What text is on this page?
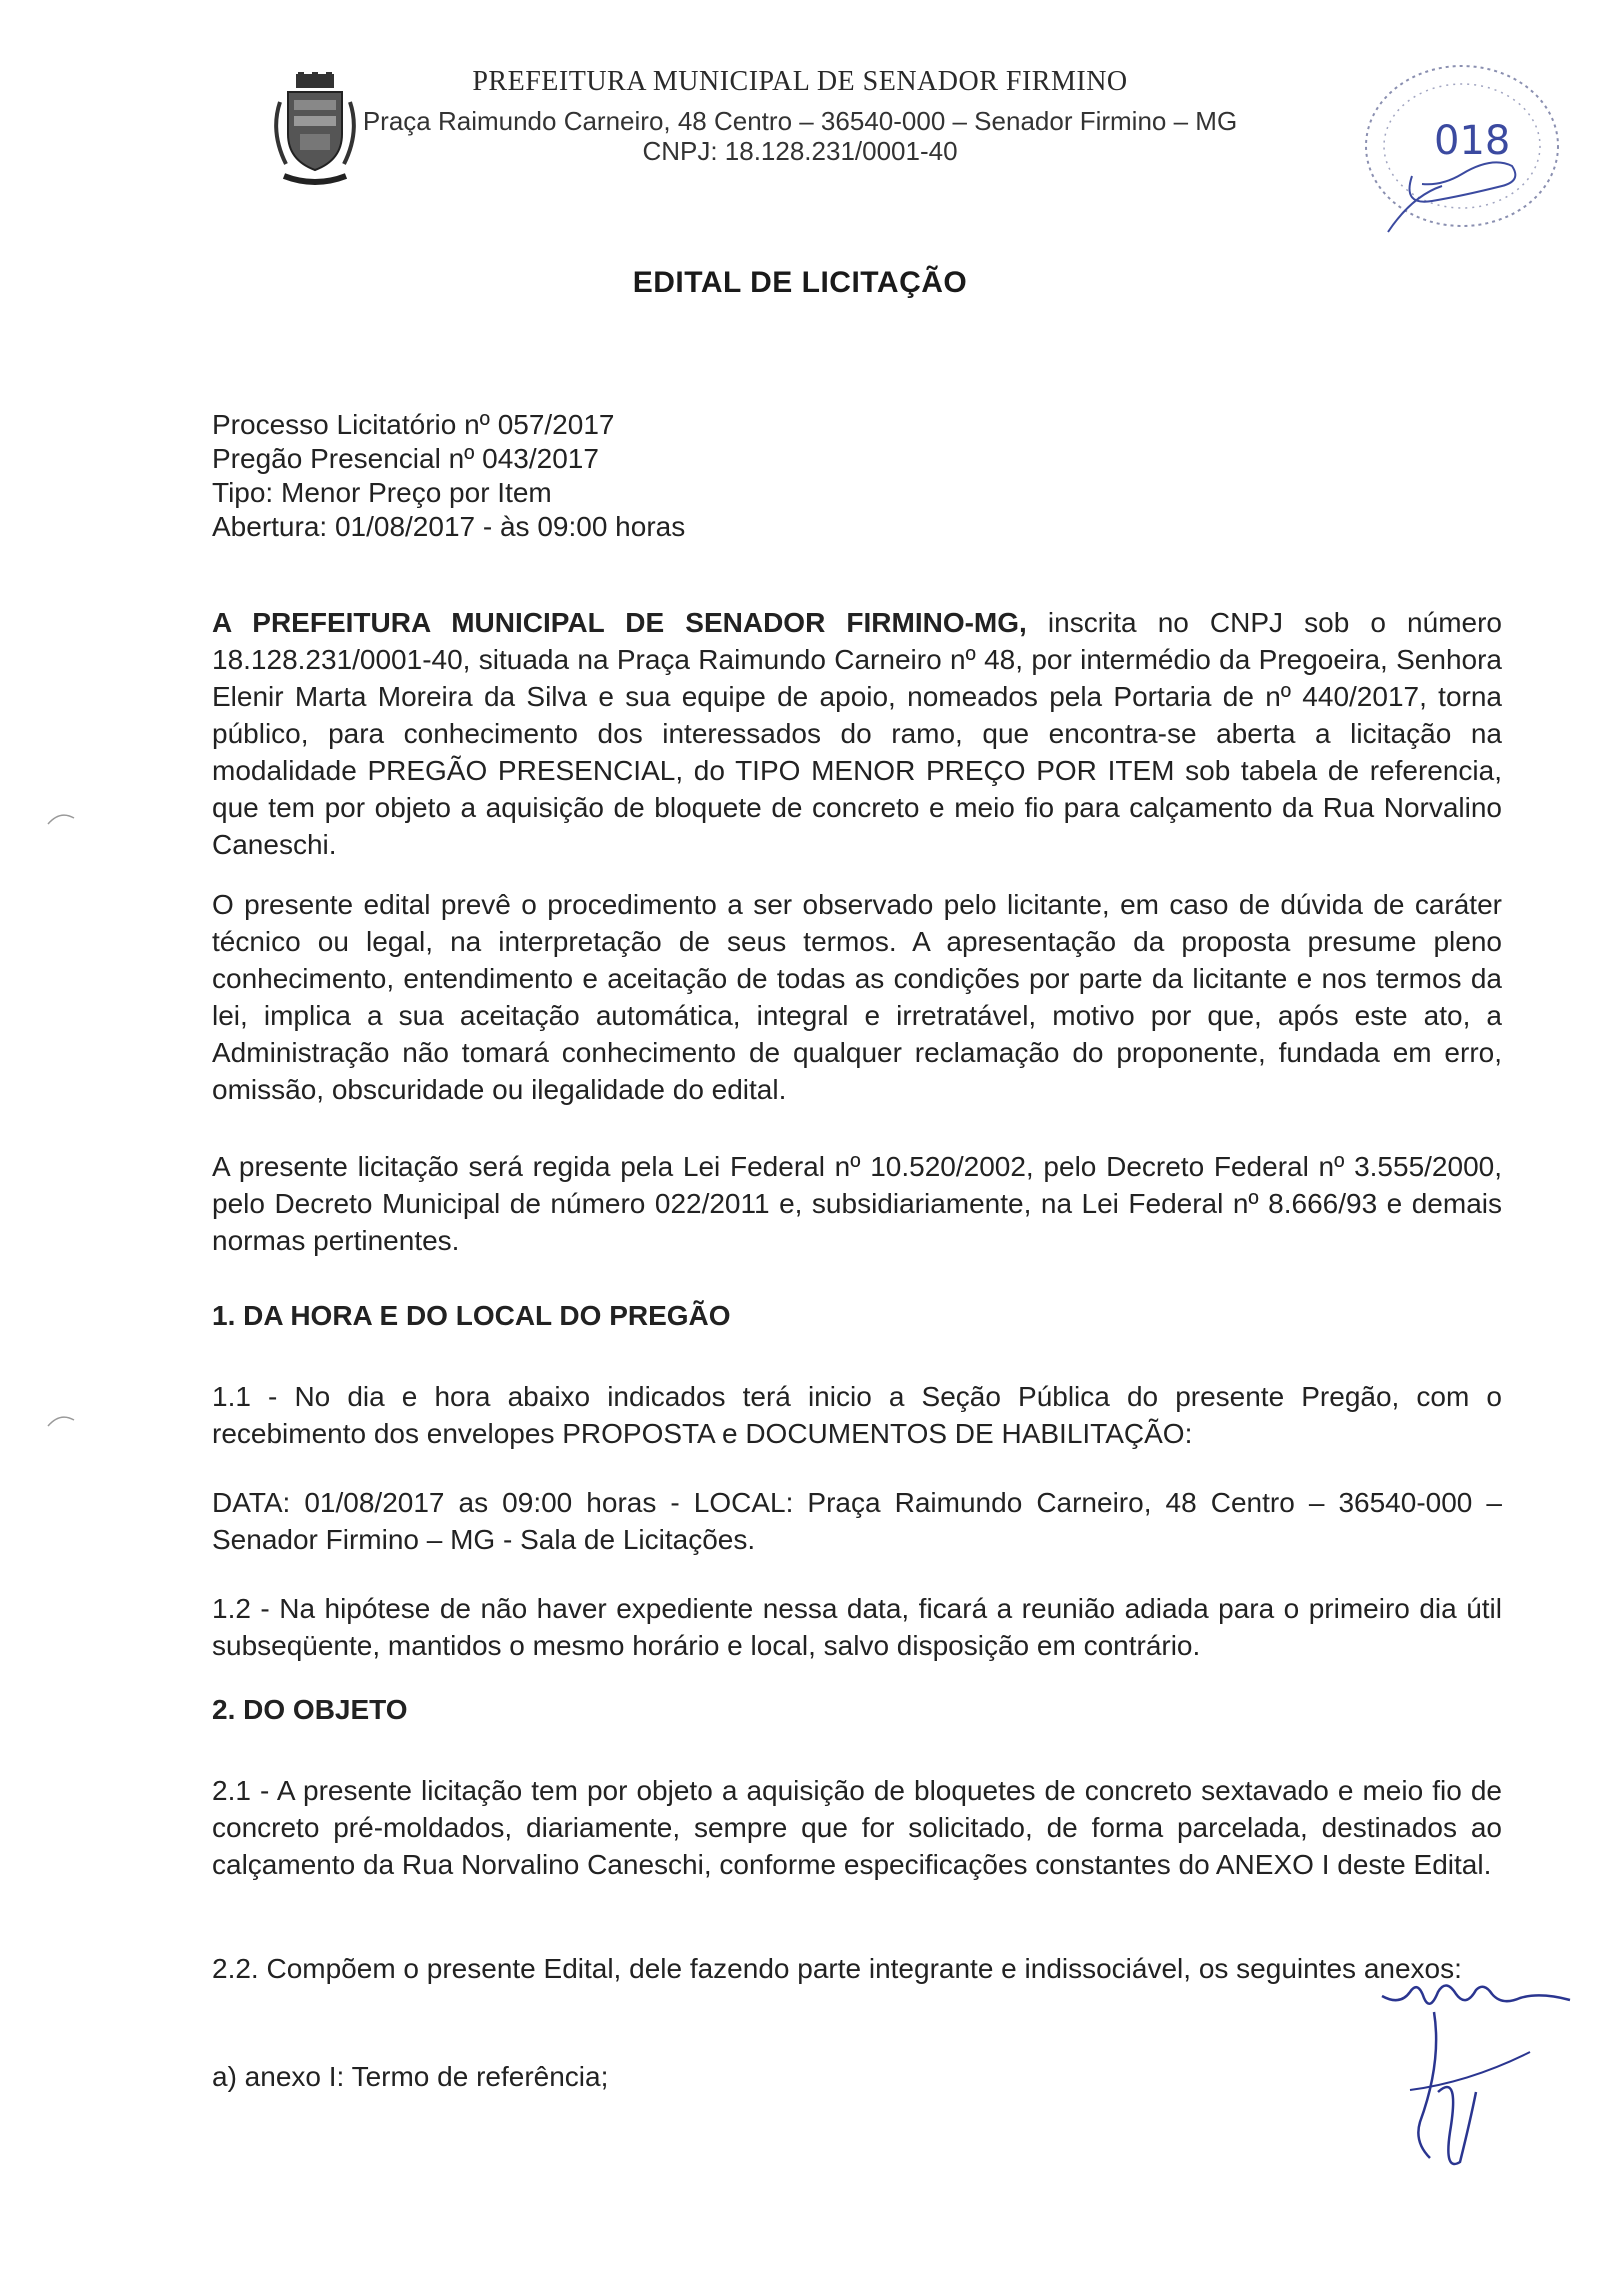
PREFEITURA MUNICIPAL DE SENADOR FIRMINO
Praça Raimundo Carneiro, 48 Centro – 36540-000 – Senador Firmino – MG
CNPJ: 18.128.231/0001-40	018
EDITAL DE LICITAÇÃO
Processo Licitatório nº 057/2017
Pregão Presencial nº 043/2017
Tipo: Menor Preço por Item
Abertura: 01/08/2017 - às 09:00 horas
A PREFEITURA MUNICIPAL DE SENADOR FIRMINO-MG, inscrita no CNPJ sob o número 18.128.231/0001-40, situada na Praça Raimundo Carneiro nº 48, por intermédio da Pregoeira, Senhora Elenir Marta Moreira da Silva e sua equipe de apoio, nomeados pela Portaria de nº 440/2017, torna público, para conhecimento dos interessados do ramo, que encontra-se aberta a licitação na modalidade PREGÃO PRESENCIAL, do TIPO MENOR PREÇO POR ITEM sob tabela de referencia, que tem por objeto a aquisição de bloquete de concreto e meio fio para calçamento da Rua Norvalino Caneschi.
O presente edital prevê o procedimento a ser observado pelo licitante, em caso de dúvida de caráter técnico ou legal, na interpretação de seus termos. A apresentação da proposta presume pleno conhecimento, entendimento e aceitação de todas as condições por parte da licitante e nos termos da lei, implica a sua aceitação automática, integral e irretratável, motivo por que, após este ato, a Administração não tomará conhecimento de qualquer reclamação do proponente, fundada em erro, omissão, obscuridade ou ilegalidade do edital.
A presente licitação será regida pela Lei Federal nº 10.520/2002, pelo Decreto Federal nº 3.555/2000, pelo Decreto Municipal de número 022/2011 e, subsidiariamente, na Lei Federal nº 8.666/93 e demais normas pertinentes.
1. DA HORA E DO LOCAL DO PREGÃO
1.1 - No dia e hora abaixo indicados terá inicio a Seção Pública do presente Pregão, com o recebimento dos envelopes PROPOSTA e DOCUMENTOS DE HABILITAÇÃO:
DATA: 01/08/2017 as 09:00 horas - LOCAL: Praça Raimundo Carneiro, 48 Centro – 36540-000 – Senador Firmino – MG - Sala de Licitações.
1.2 - Na hipótese de não haver expediente nessa data, ficará a reunião adiada para o primeiro dia útil subseqüente, mantidos o mesmo horário e local, salvo disposição em contrário.
2. DO OBJETO
2.1 - A presente licitação tem por objeto a aquisição de bloquetes de concreto sextavado e meio fio de concreto pré-moldados, diariamente, sempre que for solicitado, de forma parcelada, destinados ao calçamento da Rua Norvalino Caneschi, conforme especificações constantes do ANEXO I deste Edital.
2.2. Compõem o presente Edital, dele fazendo parte integrante e indissociável, os seguintes anexos:
a) anexo I: Termo de referência;
